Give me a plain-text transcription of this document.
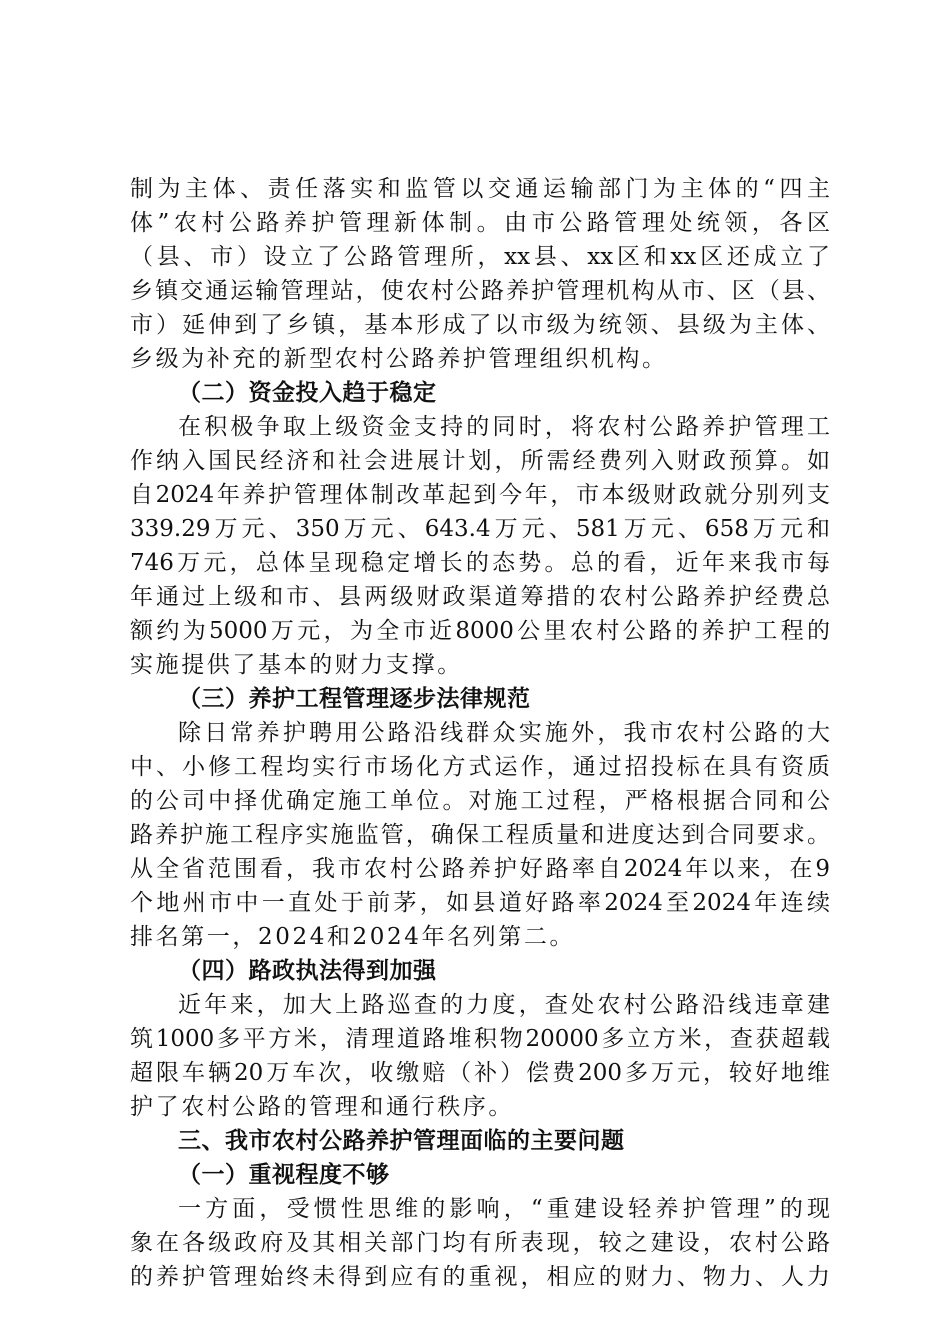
制为主体、责任落实和监管以交通运输部门为主体的“四主
体”农村公路养护管理新体制。由市公路管理处统领，各区
（县、市）设立了公路管理所，xx县、xx区和xx区还成立了
乡镇交通运输管理站，使农村公路养护管理机构从市、区（县、
市）延伸到了乡镇，基本形成了以市级为统领、县级为主体、
乡级为补充的新型农村公路养护管理组织机构。
（二）资金投入趋于稳定
在积极争取上级资金支持的同时，将农村公路养护管理工
作纳入国民经济和社会进展计划，所需经费列入财政预算。如
自2024年养护管理体制改革起到今年，市本级财政就分别列支
339.29万元、350万元、643.4万元、581万元、658万元和
746万元，总体呈现稳定增长的态势。总的看，近年来我市每
年通过上级和市、县两级财政渠道筹措的农村公路养护经费总
额约为5000万元，为全市近8000公里农村公路的养护工程的
实施提供了基本的财力支撑。
（三）养护工程管理逐步法律规范
除日常养护聘用公路沿线群众实施外，我市农村公路的大
中、小修工程均实行市场化方式运作，通过招投标在具有资质
的公司中择优确定施工单位。对施工过程，严格根据合同和公
路养护施工程序实施监管，确保工程质量和进度达到合同要求。
从全省范围看，我市农村公路养护好路率自2024年以来，在9
个地州市中一直处于前茅，如县道好路率2024至2024年连续
排名第一，2024和2024年名列第二。
（四）路政执法得到加强
近年来，加大上路巡查的力度，查处农村公路沿线违章建
筑1000多平方米，清理道路堆积物20000多立方米，查获超载
超限车辆20万车次，收缴赔（补）偿费200多万元，较好地维
护了农村公路的管理和通行秩序。
三、我市农村公路养护管理面临的主要问题
（一）重视程度不够
一方面，受惯性思维的影响，“重建设轻养护管理”的现
象在各级政府及其相关部门均有所表现，较之建设，农村公路
的养护管理始终未得到应有的重视，相应的财力、物力、人力
